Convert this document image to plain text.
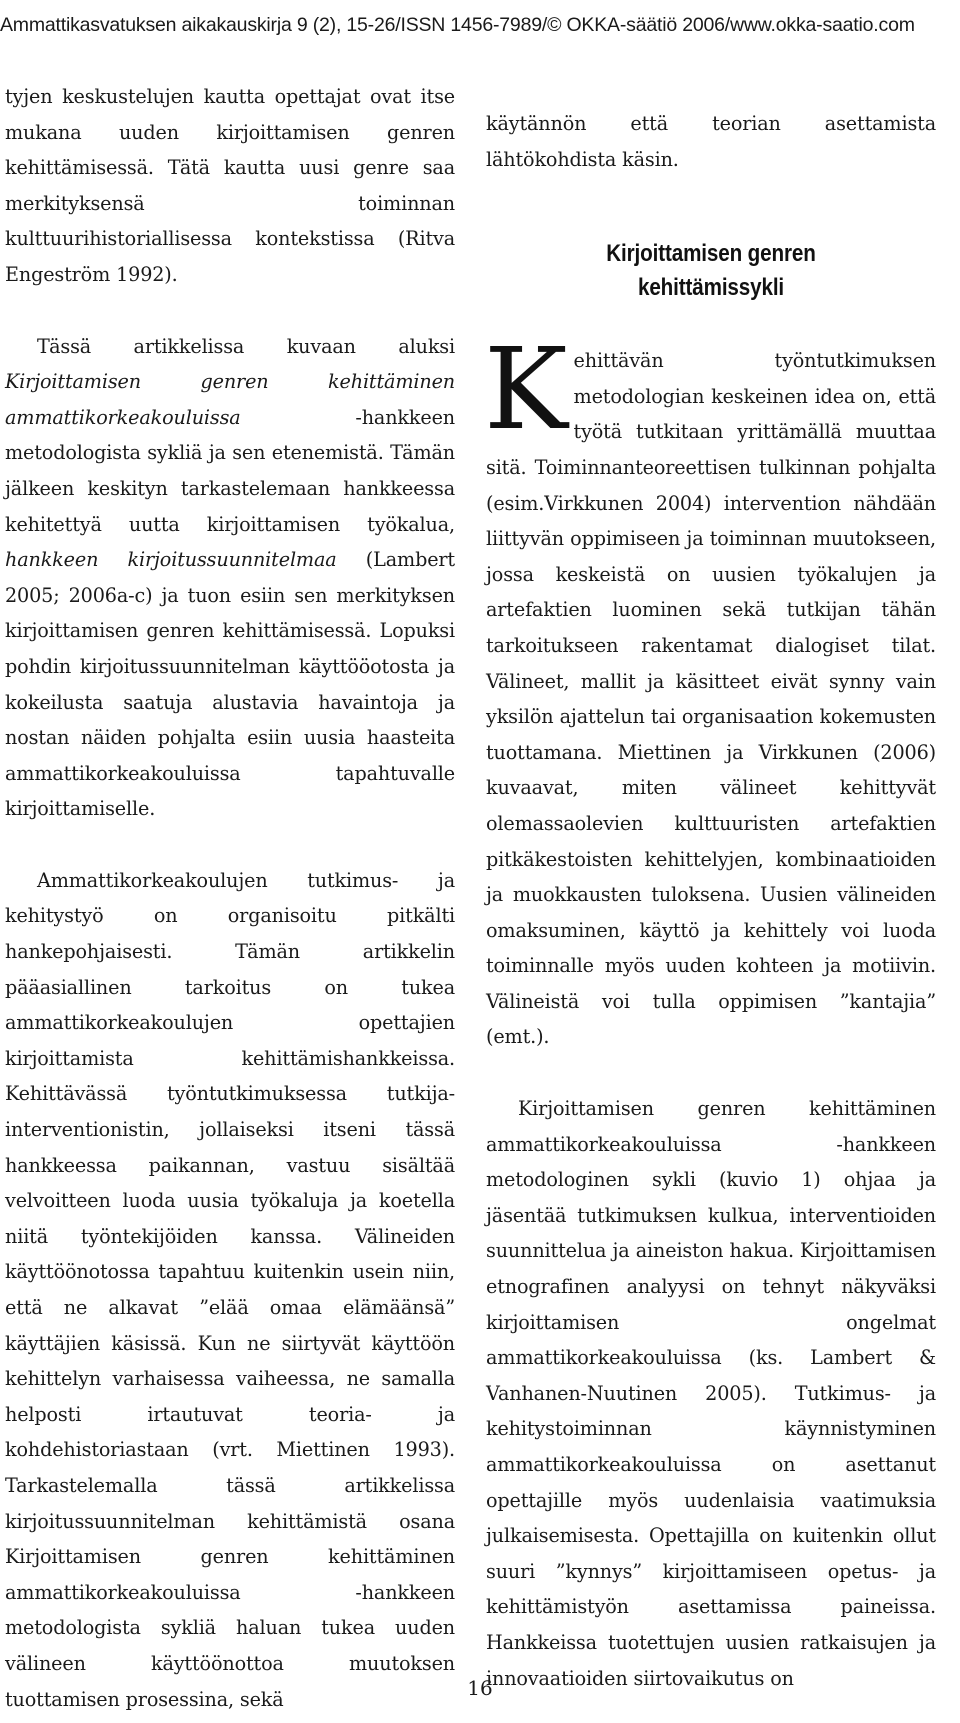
Ammattikasvatuksen aikakauskirja 9 (2), 15-26/ISSN 1456-7989/© OKKA-säätiö 2006/www.okka-saatio.com

tyjen keskustelujen kautta opettajat ovat itse mukana uuden kirjoittamisen genren kehittämisessä. Tätä kautta uusi genre saa merkityksensä toiminnan kulttuurihistoriallisessa kontekstissa (Ritva Engeström 1992).

Tässä artikkelissa kuvaan aluksi Kirjoittamisen genren kehittäminen ammattikorkeakouluissa -hankkeen metodologista sykliä ja sen etenemistä. Tämän jälkeen keskityn tarkastelemaan hankkeessa kehitettyä uutta kirjoittamisen työkalua, hankkeen kirjoitussuunnitelmaa (Lambert 2005; 2006a-c) ja tuon esiin sen merkityksen kirjoittamisen genren kehittämisessä. Lopuksi pohdin kirjoitussuunnitelman käyttööotosta ja kokeilusta saatuja alustavia havaintoja ja nostan näiden pohjalta esiin uusia haasteita ammattikorkeakouluissa tapahtuvalle kirjoittamiselle.

Ammattikorkeakoulujen tutkimus- ja kehitystyö on organisoitu pitkälti hankepohjaisesti. Tämän artikkelin pääasiallinen tarkoitus on tukea ammattikorkeakoulujen opettajien kirjoittamista kehittämishankkeissa. Kehittävässä työntutkimuksessa tutkija-interventionistin, jollaiseksi itseni tässä hankkeessa paikannan, vastuu sisältää velvoitteen luoda uusia työkaluja ja koetella niitä työntekijöiden kanssa. Välineiden käyttöönotossa tapahtuu kuitenkin usein niin, että ne alkavat ”elää omaa elämäänsä” käyttäjien käsissä. Kun ne siirtyvät käyttöön kehittelyn varhaisessa vaiheessa, ne samalla helposti irtautuvat teoria- ja kohdehistoriastaan (vrt. Miettinen 1993). Tarkastelemalla tässä artikkelissa kirjoitussuunnitelman kehittämistä osana Kirjoittamisen genren kehittäminen ammattikorkeakouluissa -hankkeen metodologista sykliä haluan tukea uuden välineen käyttöönottoa muutoksen tuottamisen prosessina, sekä

käytännön että teorian asettamista lähtökohdista käsin.

Kirjoittamisen genren
kehittämissykli

Kehittävän työntutkimuksen metodologian keskeinen idea on, että työtä tutkitaan yrittämällä muuttaa sitä. Toiminnanteoreettisen tulkinnan pohjalta (esim.Virkkunen 2004) intervention nähdään liittyvän oppimiseen ja toiminnan muutokseen, jossa keskeistä on uusien työkalujen ja artefaktien luominen sekä tutkijan tähän tarkoitukseen rakentamat dialogiset tilat. Välineet, mallit ja käsitteet eivät synny vain yksilön ajattelun tai organisaation kokemusten tuottamana. Miettinen ja Virkkunen (2006) kuvaavat, miten välineet kehittyvät olemassaolevien kulttuuristen artefaktien pitkäkestoisten kehittelyjen, kombinaatioiden ja muokkausten tuloksena. Uusien välineiden omaksuminen, käyttö ja kehittely voi luoda toiminnalle myös uuden kohteen ja motiivin. Välineistä voi tulla oppimisen ”kantajia” (emt.).

Kirjoittamisen genren kehittäminen ammattikorkeakouluissa -hankkeen metodologinen sykli (kuvio 1) ohjaa ja jäsentää tutkimuksen kulkua, interventioiden suunnittelua ja aineiston hakua. Kirjoittamisen etnografinen analyysi on tehnyt näkyväksi kirjoittamisen ongelmat ammattikorkeakouluissa (ks. Lambert & Vanhanen-Nuutinen 2005). Tutkimus- ja kehitystoiminnan käynnistyminen ammattikorkeakouluissa on asettanut opettajille myös uudenlaisia vaatimuksia julkaisemisesta. Opettajilla on kuitenkin ollut suuri ”kynnys” kirjoittamiseen opetus- ja kehittämistyön asettamissa paineissa. Hankkeissa tuotettujen uusien ratkaisujen ja innovaatioiden siirtovaikutus on

16
